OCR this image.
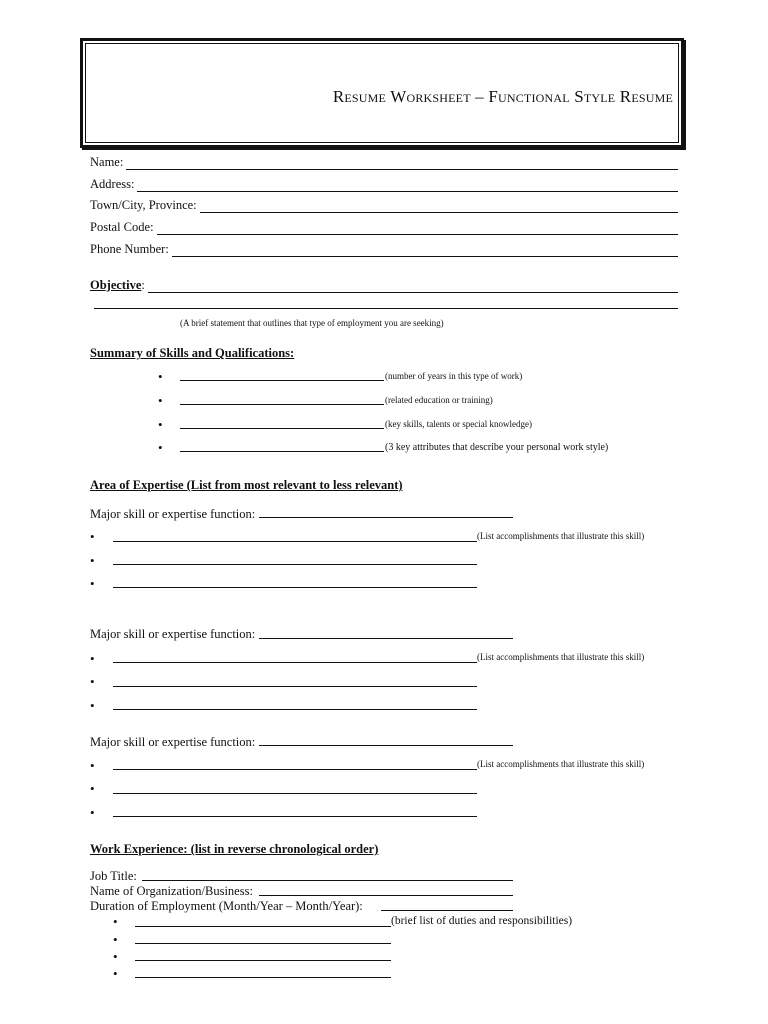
Resume Worksheet – Functional Style Resume
Name:
Address:
Town/City, Province:
Postal Code:
Phone Number:
Objective :
(A brief statement that outlines that type of employment you are seeking)
Summary of Skills and Qualifications:
•	(number of years in this type of work)
•	(related education or training)
•	(key skills, talents or special knowledge)
•	(3 key attributes that describe your personal work style)
Area of Expertise (List from most relevant to less relevant)
Major skill or expertise function:
•	(List accomplishments that illustrate this skill)
•
•
Major skill or expertise function:
•	(List accomplishments that illustrate this skill)
•
•
Major skill or expertise function:
•	(List accomplishments that illustrate this skill)
•
•
Work Experience: (list in reverse chronological order)
Job Title:
Name of Organization/Business:
Duration of Employment (Month/Year – Month/Year):
•	(brief list of duties and responsibilities)
•
•
•
